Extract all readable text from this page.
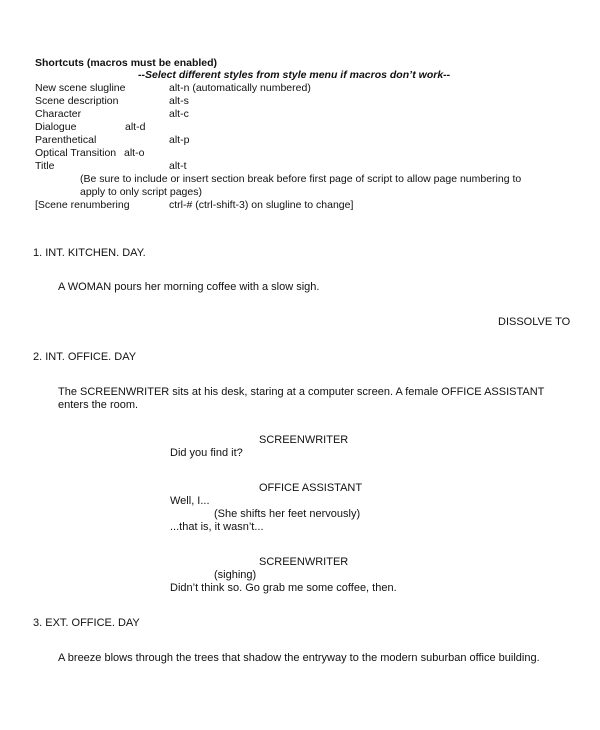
Shortcuts (macros must be enabled)
--Select different styles from style menu if macros don’t work--
New scene slugline	alt-n (automatically numbered)
Scene description	alt-s
Character	alt-c
Dialogue	alt-d
Parenthetical	alt-p
Optical Transition alt-o
Title	alt-t
(Be sure to include or insert section break before first page of script to allow page numbering to
apply to only script pages)
[Scene renumbering	ctrl-# (ctrl-shift-3) on slugline to change]
1. INT. KITCHEN. DAY.
A WOMAN pours her morning coffee with a slow sigh.
DISSOLVE TO
2. INT. OFFICE. DAY
The SCREENWRITER sits at his desk, staring at a computer screen. A female OFFICE ASSISTANT
enters the room.
SCREENWRITER
Did you find it?
OFFICE ASSISTANT
Well, I...
(She shifts her feet nervously)
...that is, it wasn’t...
SCREENWRITER
(sighing)
Didn’t think so. Go grab me some coffee, then.
3. EXT. OFFICE. DAY
A breeze blows through the trees that shadow the entryway to the modern suburban office building.
